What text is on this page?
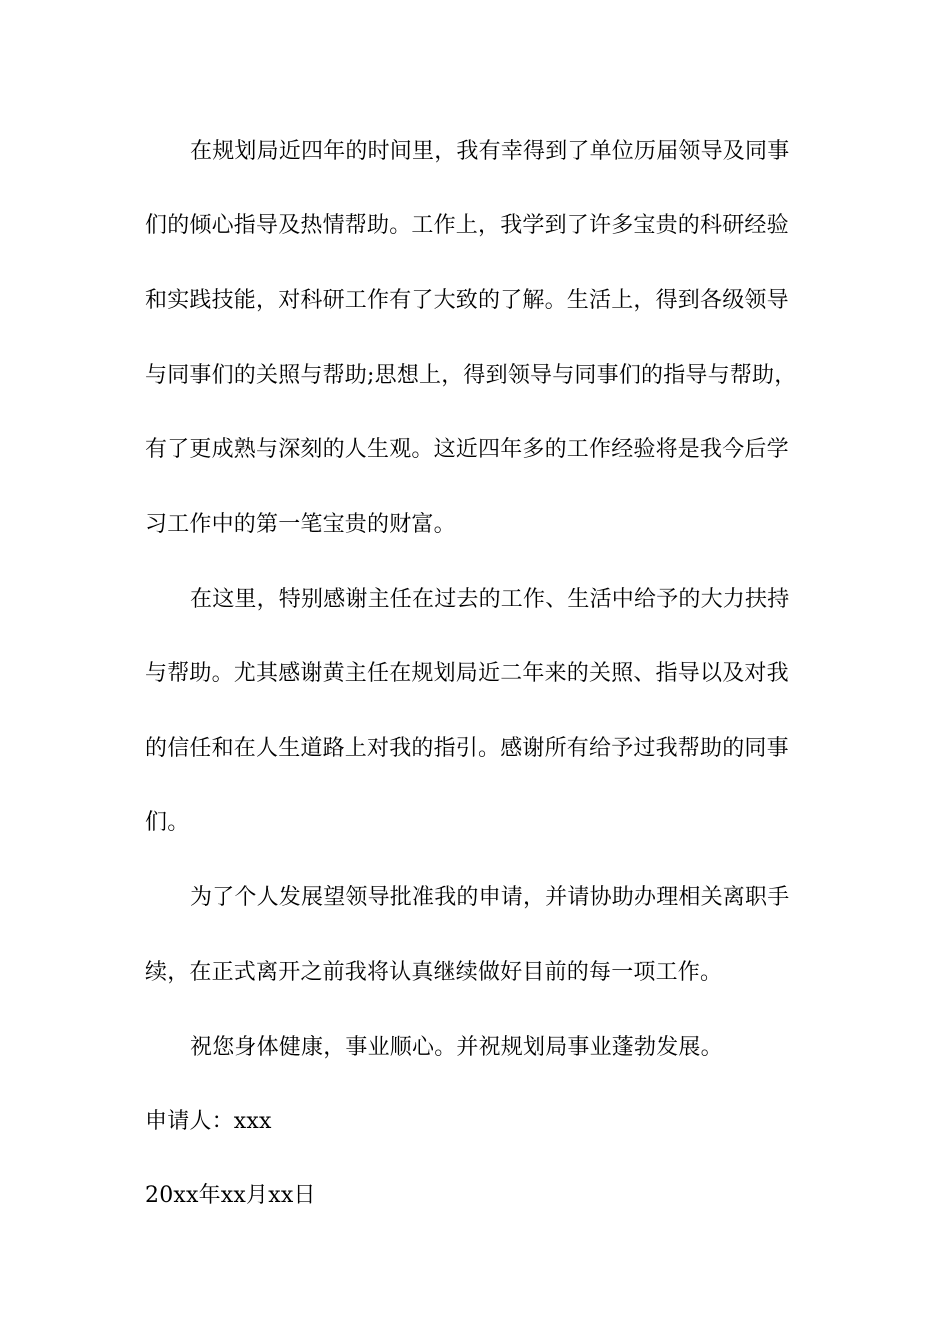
在规划局近四年的时间里，我有幸得到了单位历届领导及同事
们的倾心指导及热情帮助。工作上，我学到了许多宝贵的科研经验
和实践技能，对科研工作有了大致的了解。生活上，得到各级领导
与同事们的关照与帮助;思想上，得到领导与同事们的指导与帮助，
有了更成熟与深刻的人生观。这近四年多的工作经验将是我今后学
习工作中的第一笔宝贵的财富。
在这里，特别感谢主任在过去的工作、生活中给予的大力扶持
与帮助。尤其感谢黄主任在规划局近二年来的关照、指导以及对我
的信任和在人生道路上对我的指引。感谢所有给予过我帮助的同事
们。
为了个人发展望领导批准我的申请，并请协助办理相关离职手
续，在正式离开之前我将认真继续做好目前的每一项工作。
祝您身体健康，事业顺心。并祝规划局事业蓬勃发展。
申请人：xxx
20xx年xx月xx日
